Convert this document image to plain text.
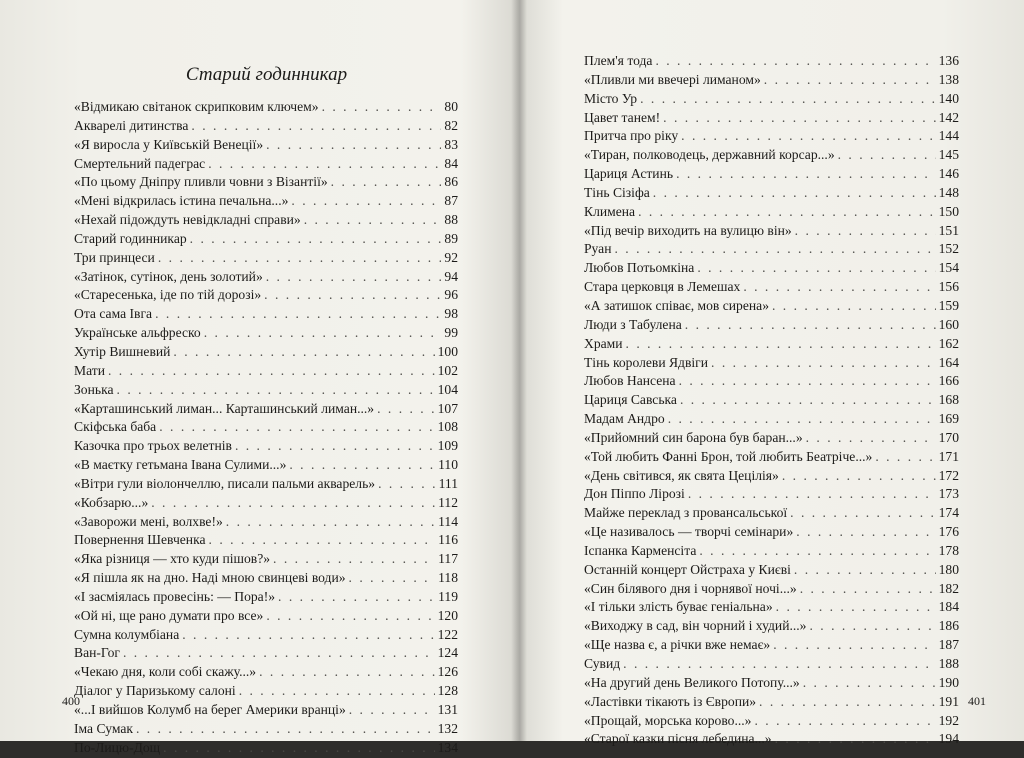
Старий годинникар
«Відмикаю світанок скрипковим ключем» . . .	80
Акварелі дитинства . . .	82
«Я виросла у Київській Венеції» . . .	83
Смертельний падеграс . . .	84
«По цьому Дніпру пливли човни з Візантії» . . .	86
«Мені відкрилась істина печальна...» . . .	87
«Нехай підождуть невідкладні справи» . . .	88
Старий годинникар . . .	89
Три принцеси . . .	92
«Затінок, сутінок, день золотий» . . .	94
«Старесенька, іде по тій дорозі» . . .	96
Ота сама Івга . . .	98
Українське альфреско . . .	99
Хутір Вишневий . . .	100
Мати . . .	102
Зонька . . .	104
«Карташинський лиман... Карташинський лиман...» . . .	107
Скіфська баба . . .	108
Казочка про трьох велетнів . . .	109
«В маєтку гетьмана Івана Сулими...» . . .	110
«Вітри гули віолончеллю, писали пальми акварель» . . .	111
«Кобзарю...» . . .	112
«Заворожи мені, волхве!» . . .	114
Повернення Шевченка . . .	116
«Яка різниця — хто куди пішов?» . . .	117
«Я пішла як на дно. Наді мною свинцеві води» . . .	118
«І засміялась провесінь: — Пора!» . . .	119
«Ой ні, ще рано думати про все» . . .	120
Сумна колумбіана . . .	122
Ван-Гог . . .	124
«Чекаю дня, коли собі скажу...» . . .	126
Діалог у Паризькому салоні . . .	128
«...І вийшов Колумб на берег Америки вранці» . . .	131
Іма Сумак . . .	132
По-Лицю-Дощ . . .	134
400
Плем'я тода . . .	136
«Пливли ми ввечері лиманом» . . .	138
Місто Ур . . .	140
Цавет танем! . . .	142
Притча про ріку . . .	144
«Тиран, полководець, державний корсар...» . . .	145
Цариця Астинь . . .	146
Тінь Сізіфа . . .	148
Климена . . .	150
«Під вечір виходить на вулицю він» . . .	151
Руан . . .	152
Любов Потьомкіна . . .	154
Стара церковця в Лемешах . . .	156
«А затишок співає, мов сирена» . . .	159
Люди з Табулена . . .	160
Храми . . .	162
Тінь королеви Ядвіги . . .	164
Любов Нансена . . .	166
Цариця Савська . . .	168
Мадам Андро . . .	169
«Прийомний син барона був баран...» . . .	170
«Той любить Фанні Брон, той любить Беатріче...» . . .	171
«День світився, як свята Цецілія» . . .	172
Дон Піппо Лірозі . . .	173
Майже переклад з провансальської . . .	174
«Це називалось — творчі семінари» . . .	176
Іспанка Карменсіта . . .	178
Останній концерт Ойстраха у Києві . . .	180
«Син білявого дня і чорнявої ночі...» . . .	182
«І тільки злість буває геніальна» . . .	184
«Виходжу в сад, він чорний і худий...» . . .	186
«Ще назва є, а річки вже немає» . . .	187
Сувид . . .	188
«На другий день Великого Потопу...» . . .	190
«Ластівки тікають із Європи» . . .	191
«Прощай, морська корово...» . . .	192
«Старої казки пісня лебедина...» . . .	194
401
